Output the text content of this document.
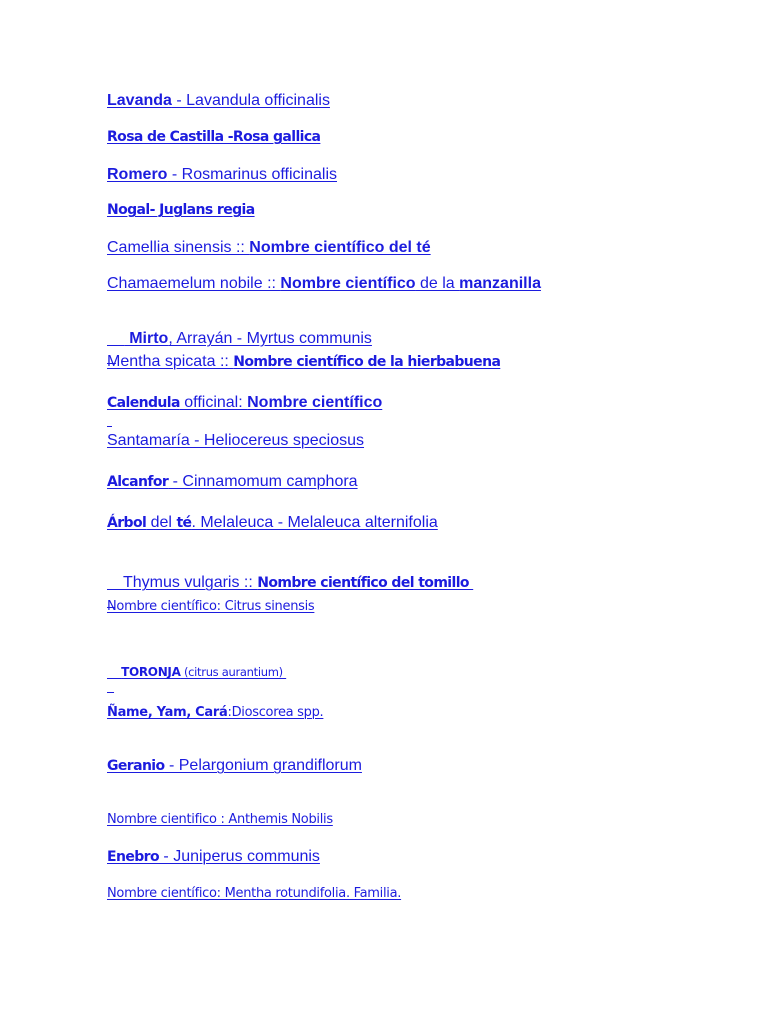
Lavanda - Lavandula officinalis
Rosa de Castilla -Rosa gallica
Romero - Rosmarinus officinalis
Nogal- Juglans regia
Camellia sinensis :: Nombre científico del té
Chamaemelum nobile :: Nombre científico de la manzanilla

Mirto, Arrayán - Myrtus communis

Mentha spicata :: Nombre científico de la hierbabuena
Calendula officinal: Nombre científico
Santamaría - Heliocereus speciosus
Alcanfor - Cinnamomum camphora
Árbol del té. Melaleuca - Melaleuca alternifolia

Thymus vulgaris :: Nombre científico del tomillo

Nombre científico: Citrus sinensis

TORONJA (citrus aurantium)

Ñame, Yam, Cará:Dioscorea spp.
Geranio - Pelargonium grandiflorum
Nombre cientifico : Anthemis Nobilis
Enebro - Juniperus communis
Nombre científico: Mentha rotundifolia. Familia.
